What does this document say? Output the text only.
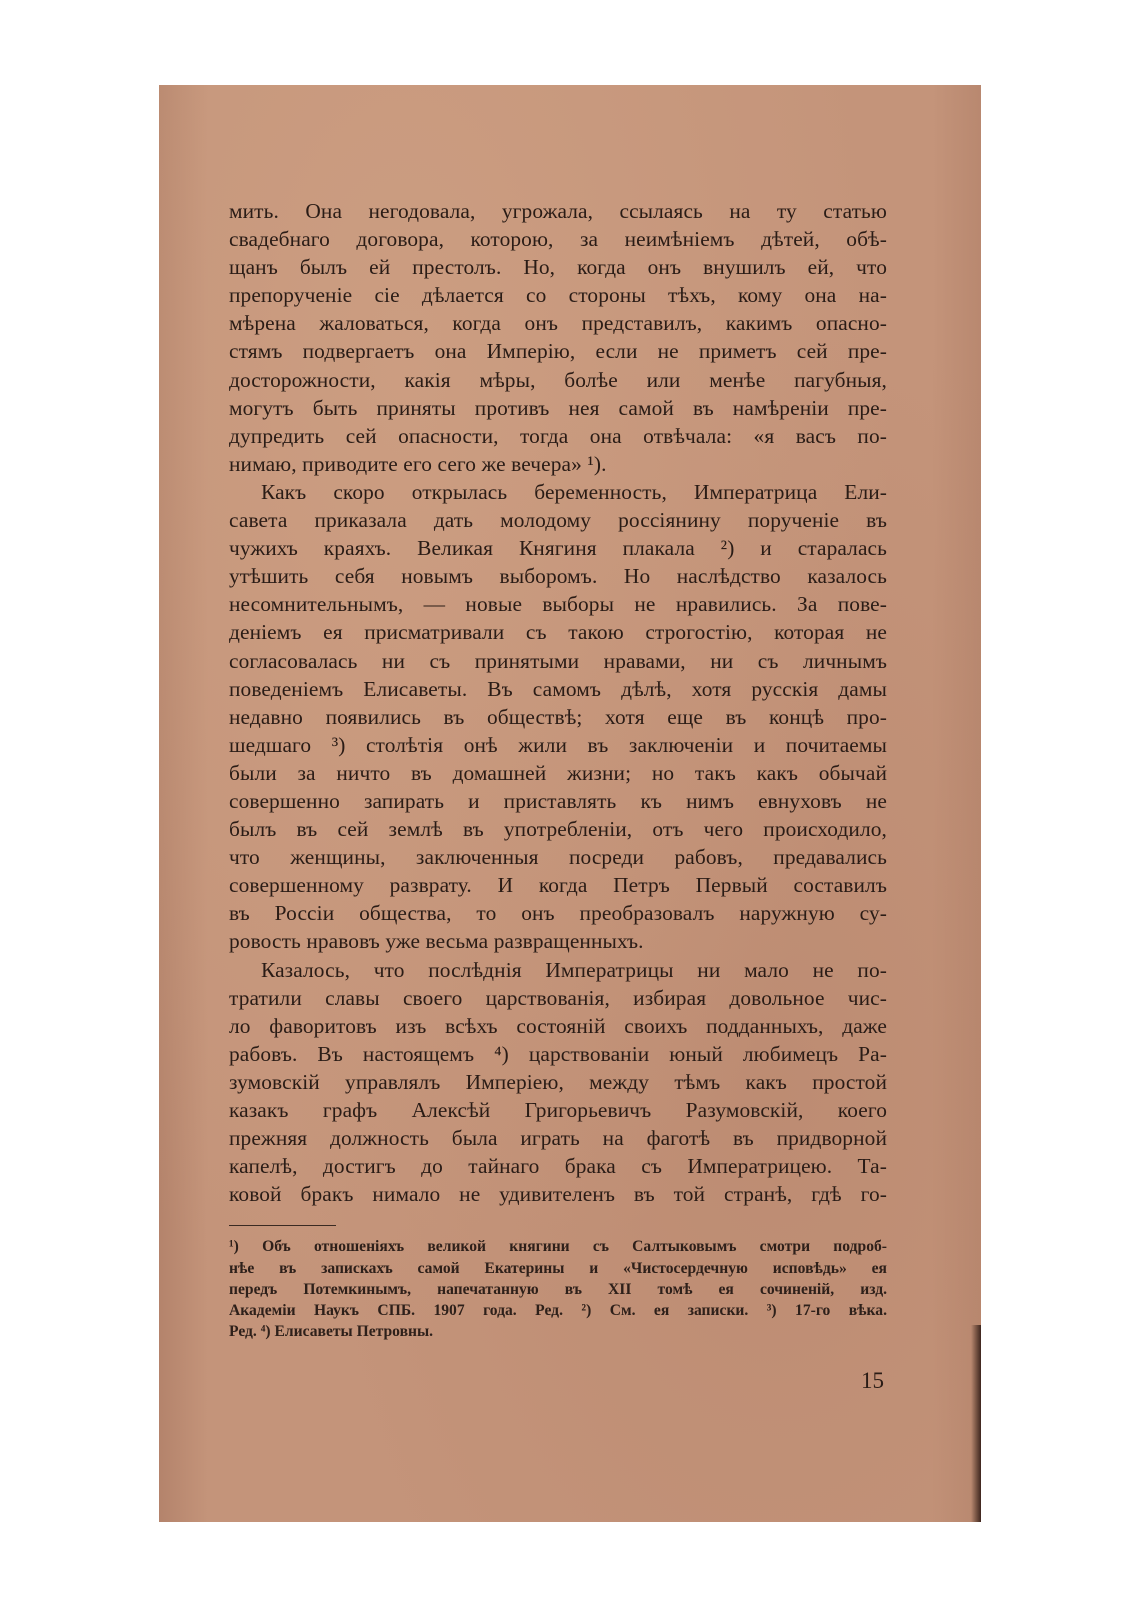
мить. Она негодовала, угрожала, ссылаясь на ту статью
свадебнаго договора, которою, за неимѣніемъ дѣтей, обѣ-
щанъ былъ ей престолъ. Но, когда онъ внушилъ ей, что
препорученіе сіе дѣлается со стороны тѣхъ, кому она на-
мѣрена жаловаться, когда онъ представилъ, какимъ опасно-
стямъ подвергаетъ она Имперію, если не приметъ сей пре-
досторожности, какія мѣры, болѣе или менѣе пагубныя,
могутъ быть приняты противъ нея самой въ намѣреніи пре-
дупредить сей опасности, тогда она отвѣчала: «я васъ по-
нимаю, приводите его сего же вечера» ¹).

Какъ скоро открылась беременность, Императрица Ели-
савета приказала дать молодому россіянину порученіе въ
чужихъ краяхъ. Великая Княгиня плакала ²) и старалась
утѣшить себя новымъ выборомъ. Но наслѣдство казалось
несомнительнымъ, — новые выборы не нравились. За пове-
деніемъ ея присматривали съ такою строгостію, которая не
согласовалась ни съ принятыми нравами, ни съ личнымъ
поведеніемъ Елисаветы. Въ самомъ дѣлѣ, хотя русскія дамы
недавно появились въ обществѣ; хотя еще въ концѣ про-
шедшаго ³) столѣтія онѣ жили въ заключеніи и почитаемы
были за ничто въ домашней жизни; но такъ какъ обычай
совершенно запирать и приставлять къ нимъ евнуховъ не
былъ въ сей землѣ въ употребленіи, отъ чего происходило,
что женщины, заключенныя посреди рабовъ, предавались
совершенному разврату. И когда Петръ Первый составилъ
въ Россіи общества, то онъ преобразовалъ наружную су-
ровость нравовъ уже весьма развращенныхъ.

Казалось, что послѣднія Императрицы ни мало не по-
тратили славы своего царствованія, избирая довольное чис-
ло фаворитовъ изъ всѣхъ состояній своихъ подданныхъ, даже
рабовъ. Въ настоящемъ ⁴) царствованіи юный любимецъ Ра-
зумовскій управлялъ Имперіею, между тѣмъ какъ простой
казакъ графъ Алексѣй Григорьевичъ Разумовскій, коего
прежняя должность была играть на фаготѣ въ придворной
капелѣ, достигъ до тайнаго брака съ Императрицею. Та-
ковой бракъ нимало не удивителенъ въ той странѣ, гдѣ го-

¹) Объ отношеніяхъ великой княгини съ Салтыковымъ смотри подроб-
нѣе въ запискахъ самой Екатерины и «Чистосердечную исповѣдь» ея
передъ Потемкинымъ, напечатанную въ XII томѣ ея сочиненій, изд.
Академіи Наукъ СПБ. 1907 года. Ред. ²) См. ея записки. ³) 17-го вѣка.
Ред. ⁴) Елисаветы Петровны.
15
